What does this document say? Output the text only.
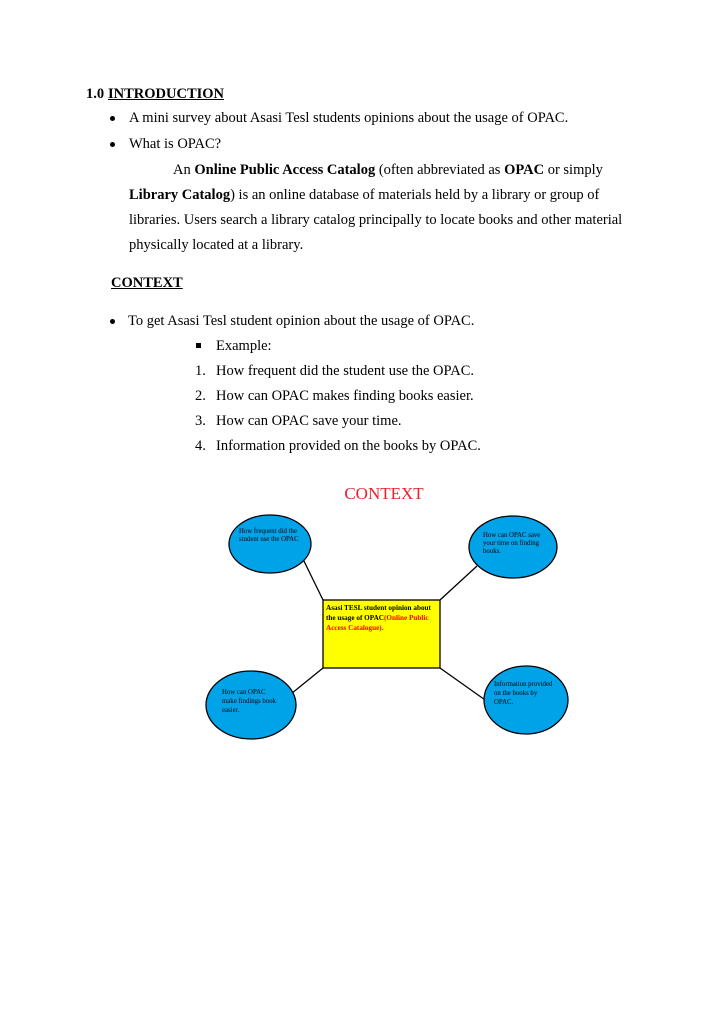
1.0 INTRODUCTION
A mini survey about Asasi Tesl students opinions about the usage of OPAC.
What is OPAC?
An Online Public Access Catalog (often abbreviated as OPAC or simply
Library Catalog) is an online database of materials held by a library or group of
libraries. Users search a library catalog principally to locate books and other material
physically located at a library.
CONTEXT
To get Asasi Tesl student opinion about the usage of OPAC.
Example:
1. How frequent did the student use the OPAC.
2. How can OPAC makes finding books easier.
3. How can OPAC save your time.
4. Information provided on the books by OPAC.
CONTEXT
Asasi TESL student opinion about the usage of OPAC (Online Public
Access Catalogue).
How frequent did the student use the OPAC
How can OPAC save your time on finding books.
How can OPAC make findings book easier.
Information provided on the books by OPAC.
